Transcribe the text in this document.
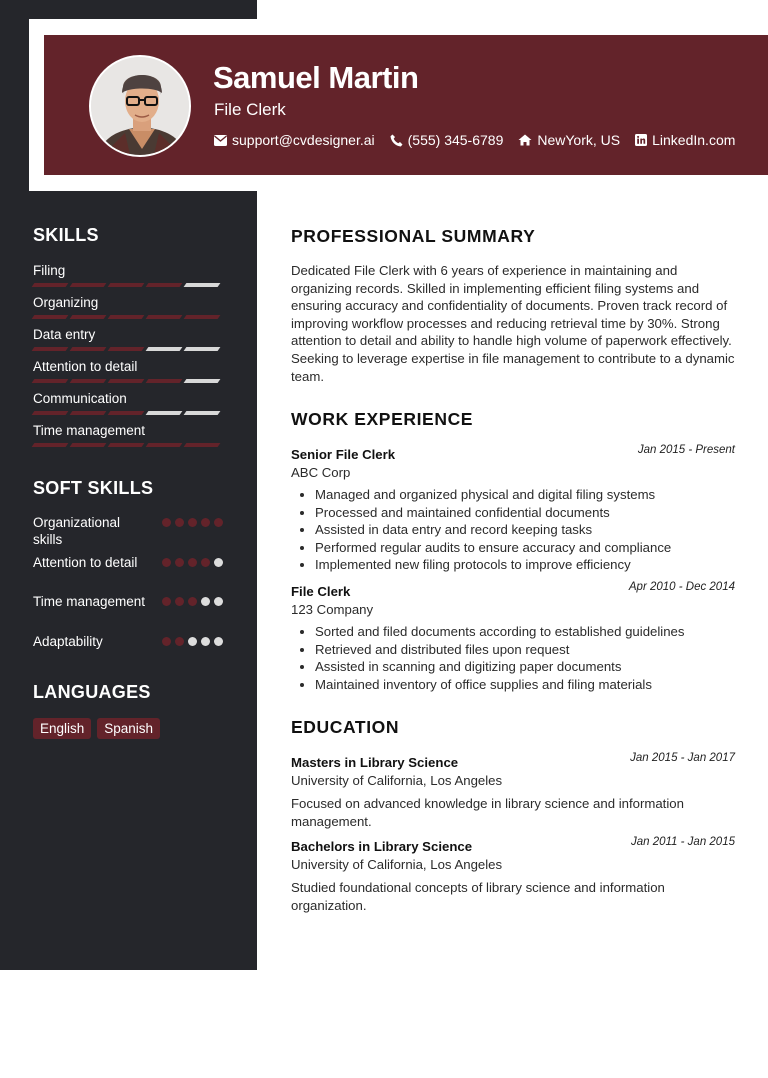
Samuel Martin
File Clerk
support@cvdesigner.ai (555) 345-6789 NewYork, US LinkedIn.com
SKILLS
Filing
Organizing
Data entry
Attention to detail
Communication
Time management
SOFT SKILLS
Organizational skills
Attention to detail
Time management
Adaptability
LANGUAGES
English	Spanish
PROFESSIONAL SUMMARY
Dedicated File Clerk with 6 years of experience in maintaining and organizing records. Skilled in implementing efficient filing systems and ensuring accuracy and confidentiality of documents. Proven track record of improving workflow processes and reducing retrieval time by 30%. Strong attention to detail and ability to handle high volume of paperwork effectively. Seeking to leverage expertise in file management to contribute to a dynamic team.
WORK EXPERIENCE
Senior File Clerk	Jan 2015 - Present
ABC Corp
• Managed and organized physical and digital filing systems
• Processed and maintained confidential documents
• Assisted in data entry and record keeping tasks
• Performed regular audits to ensure accuracy and compliance
• Implemented new filing protocols to improve efficiency
File Clerk	Apr 2010 - Dec 2014
123 Company
• Sorted and filed documents according to established guidelines
• Retrieved and distributed files upon request
• Assisted in scanning and digitizing paper documents
• Maintained inventory of office supplies and filing materials
EDUCATION
Masters in Library Science	Jan 2015 - Jan 2017
University of California, Los Angeles
Focused on advanced knowledge in library science and information management.
Bachelors in Library Science	Jan 2011 - Jan 2015
University of California, Los Angeles
Studied foundational concepts of library science and information organization.
